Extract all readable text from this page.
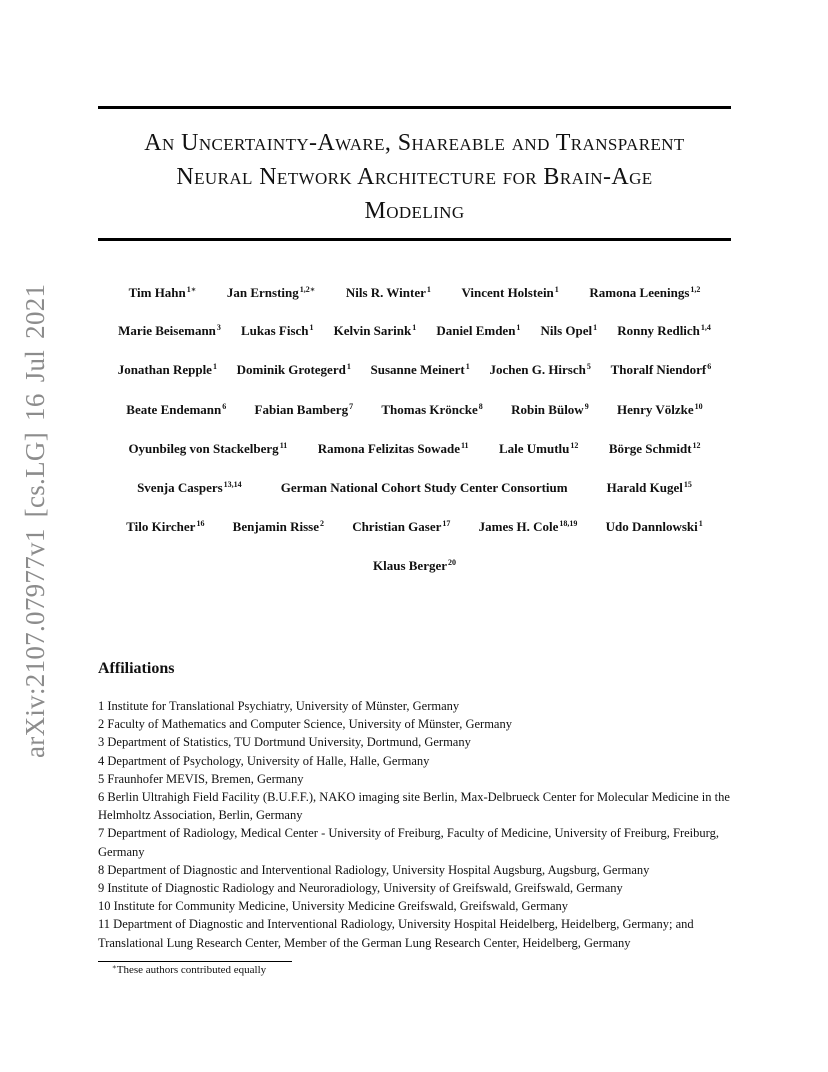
arXiv:2107.07977v1 [cs.LG] 16 Jul 2021
An Uncertainty-Aware, Shareable and Transparent
Neural Network Architecture for Brain-Age
Modeling
Tim Hahn$^{1∗}$ Jan Ernsting$^{1,2∗}$ Nils R. Winter$^1$ Vincent Holstein$^1$ Ramona Leenings$^{1,2}$
Marie Beisemann$^3$ Lukas Fisch$^1$ Kelvin Sarink$^1$ Daniel Emden$^1$ Nils Opel$^1$ Ronny Redlich$^{1,4}$
Jonathan Repple$^1$ Dominik Grotegerd$^1$ Susanne Meinert$^1$ Jochen G. Hirsch$^5$ Thoralf Niendorf$^6$
Beate Endemann$^6$ Fabian Bamberg$^7$ Thomas Kröncke$^8$ Robin Bülow$^9$ Henry Völzke$^{10}$
Oyunbileg von Stackelberg$^{11}$ Ramona Felizitas Sowade$^{11}$ Lale Umutlu$^{12}$ Börge Schmidt$^{12}$
Svenja Caspers$^{13,14}$	German National Cohort Study Center Consortium	Harald Kugel$^{15}$
Tilo Kircher$^{16}$ Benjamin Risse$^2$ Christian Gaser$^{17}$ James H. Cole$^{18,19}$ Udo Dannlowski$^1$
Klaus Berger$^{20}$
Affiliations

1 Institute for Translational Psychiatry, University of Münster, Germany

2 Faculty of Mathematics and Computer Science, University of Münster, Germany

3 Department of Statistics, TU Dortmund University, Dortmund, Germany

4 Department of Psychology, University of Halle, Halle, Germany

5 Fraunhofer MEVIS, Bremen, Germany

6 Berlin Ultrahigh Field Facility (B.U.F.F.), NAKO imaging site Berlin, Max-Delbrueck Center for Molecular Medicine in the Helmholtz Association, Berlin, Germany

7 Department of Radiology, Medical Center - University of Freiburg, Faculty of Medicine, University of Freiburg, Freiburg, Germany

8 Department of Diagnostic and Interventional Radiology, University Hospital Augsburg, Augsburg, Germany

9 Institute of Diagnostic Radiology and Neuroradiology, University of Greifswald, Greifswald, Germany

10 Institute for Community Medicine, University Medicine Greifswald, Greifswald, Germany

11 Department of Diagnostic and Interventional Radiology, University Hospital Heidelberg, Heidelberg, Germany; and Translational Lung Research Center, Member of the German Lung Research Center, Heidelberg, Germany

∗These authors contributed equally
